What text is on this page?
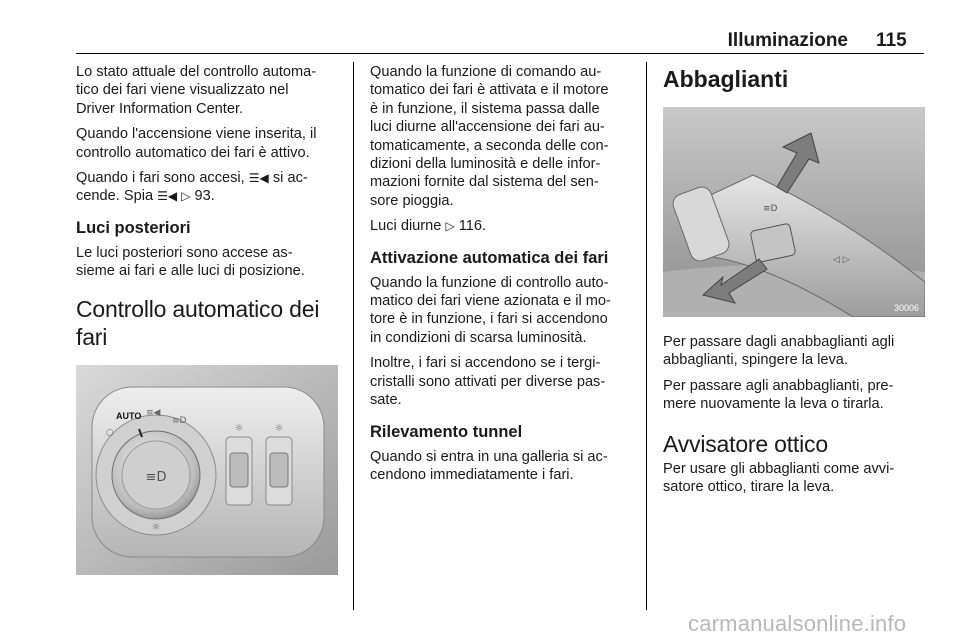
Illuminazione 115

Lo stato attuale del controllo automa-
tico dei fari viene visualizzato nel
Driver Information Center.

Quando l'accensione viene inserita, il
controllo automatico dei fari è attivo.

Quando i fari sono accesi, ☰◀ si ac-
cende. Spia ☰◀ ▷ 93.

Luci posteriori

Le luci posteriori sono accese as-
sieme ai fari e alle luci di posizione.

Controllo automatico dei fari
≡D
☼
○
AUTO ≡◀
≡D
☼	☼

Quando la funzione di comando au-
tomatico dei fari è attivata e il motore
è in funzione, il sistema passa dalle
luci diurne all'accensione dei fari au-
tomaticamente, a seconda delle con-
dizioni della luminosità e delle infor-
mazioni fornite dal sistema del sen-
sore pioggia.

Luci diurne ▷ 116.

Attivazione automatica dei fari

Quando la funzione di controllo auto-
matico dei fari viene azionata e il mo-
tore è in funzione, i fari si accendono
in condizioni di scarsa luminosità.

Inoltre, i fari si accendono se i tergi-
cristalli sono attivati per diverse pas-
sate.

Rilevamento tunnel

Quando si entra in una galleria si ac-
cendono immediatamente i fari.

Abbaglianti
≡D
◁ ▷
30006

Per passare dagli anabbaglianti agli
abbaglianti, spingere la leva.

Per passare agli anabbaglianti, pre-
mere nuovamente la leva o tirarla.

Avvisatore ottico

Per usare gli abbaglianti come avvi-
satore ottico, tirare la leva.

carmanualsonline.info
